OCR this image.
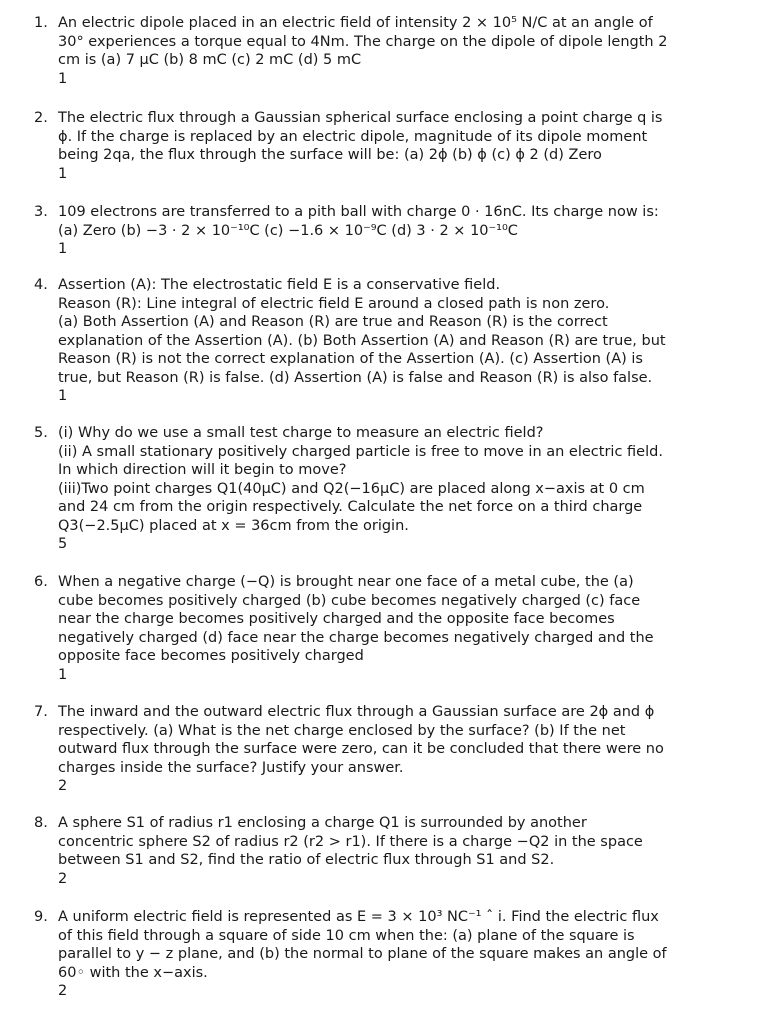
1. An electric dipole placed in an electric field of intensity 2 × 10⁵ N/C at an angle of
30° experiences a torque equal to 4Nm. The charge on the dipole of dipole length 2
cm is (a) 7 μC (b) 8 mC (c) 2 mC (d) 5 mC
1
2. The electric flux through a Gaussian spherical surface enclosing a point charge q is
ϕ. If the charge is replaced by an electric dipole, magnitude of its dipole moment
being 2qa, the flux through the surface will be: (a) 2ϕ (b) ϕ (c) ϕ 2 (d) Zero
1
3. 109 electrons are transferred to a pith ball with charge 0 · 16nC. Its charge now is:
(a) Zero (b) −3 · 2 × 10⁻¹⁰C (c) −1.6 × 10⁻⁹C (d) 3 · 2 × 10⁻¹⁰C
1
4. Assertion (A): The electrostatic field E is a conservative field.
Reason (R): Line integral of electric field E around a closed path is non zero.
(a) Both Assertion (A) and Reason (R) are true and Reason (R) is the correct
explanation of the Assertion (A). (b) Both Assertion (A) and Reason (R) are true, but
Reason (R) is not the correct explanation of the Assertion (A). (c) Assertion (A) is
true, but Reason (R) is false. (d) Assertion (A) is false and Reason (R) is also false.
1
5. (i) Why do we use a small test charge to measure an electric field?
(ii) A small stationary positively charged particle is free to move in an electric field.
In which direction will it begin to move?
(iii)Two point charges Q1(40μC) and Q2(−16μC) are placed along x−axis at 0 cm
and 24 cm from the origin respectively. Calculate the net force on a third charge
Q3(−2.5μC) placed at x = 36cm from the origin.
5
6. When a negative charge (−Q) is brought near one face of a metal cube, the (a)
cube becomes positively charged (b) cube becomes negatively charged (c) face
near the charge becomes positively charged and the opposite face becomes
negatively charged (d) face near the charge becomes negatively charged and the
opposite face becomes positively charged
1
7. The inward and the outward electric flux through a Gaussian surface are 2ϕ and ϕ
respectively. (a) What is the net charge enclosed by the surface? (b) If the net
outward flux through the surface were zero, can it be concluded that there were no
charges inside the surface? Justify your answer.
2
8. A sphere S1 of radius r1 enclosing a charge Q1 is surrounded by another
concentric sphere S2 of radius r2 (r2 > r1). If there is a charge −Q2 in the space
between S1 and S2, find the ratio of electric flux through S1 and S2.
2
9. A uniform electric field is represented as E = 3 × 10³ NC⁻¹ ˆ i. Find the electric flux
of this field through a square of side 10 cm when the: (a) plane of the square is
parallel to y − z plane, and (b) the normal to plane of the square makes an angle of
60◦ with the x−axis.
2
